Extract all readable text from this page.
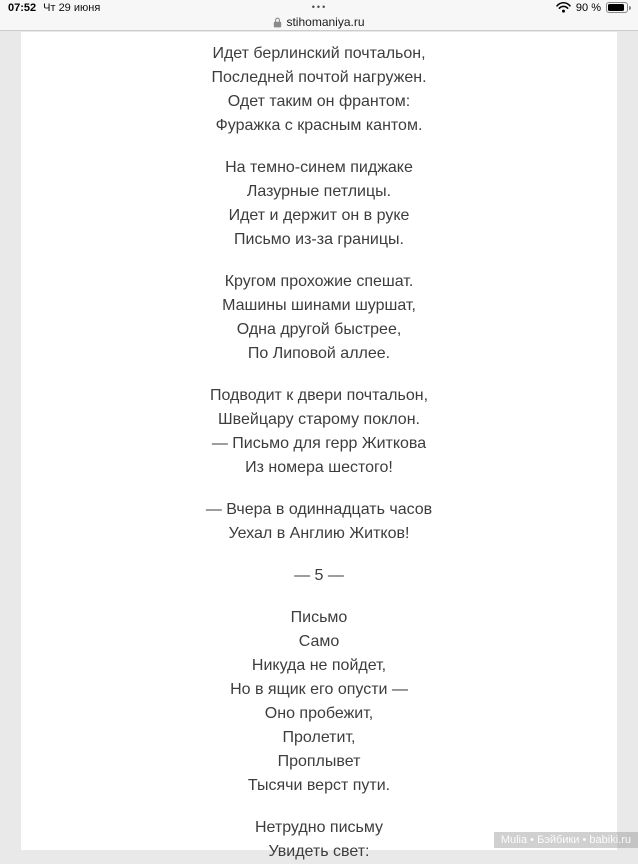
07:52 Чт 29 июня	•••	90 %
stihomaniya.ru
Идет берлинский почтальон,
Последней почтой нагружен.
Одет таким он франтом:
Фуражка с красным кантом.
На темно-синем пиджаке
Лазурные петлицы.
Идет и держит он в руке
Письмо из-за границы.
Кругом прохожие спешат.
Машины шинами шуршат,
Одна другой быстрее,
По Липовой аллее.
Подводит к двери почтальон,
Швейцару старому поклон.
— Письмо для герр Житкова
Из номера шестого!
— Вчера в одиннадцать часов
Уехал в Англию Житков!
— 5 —
Письмо
Само
Никуда не пойдет,
Но в ящик его опусти —
Оно пробежит,
Пролетит,
Проплывет
Тысячи верст пути.
Нетрудно письму
Увидеть свет:
Mulia • Бэйбики • babiki.ru
